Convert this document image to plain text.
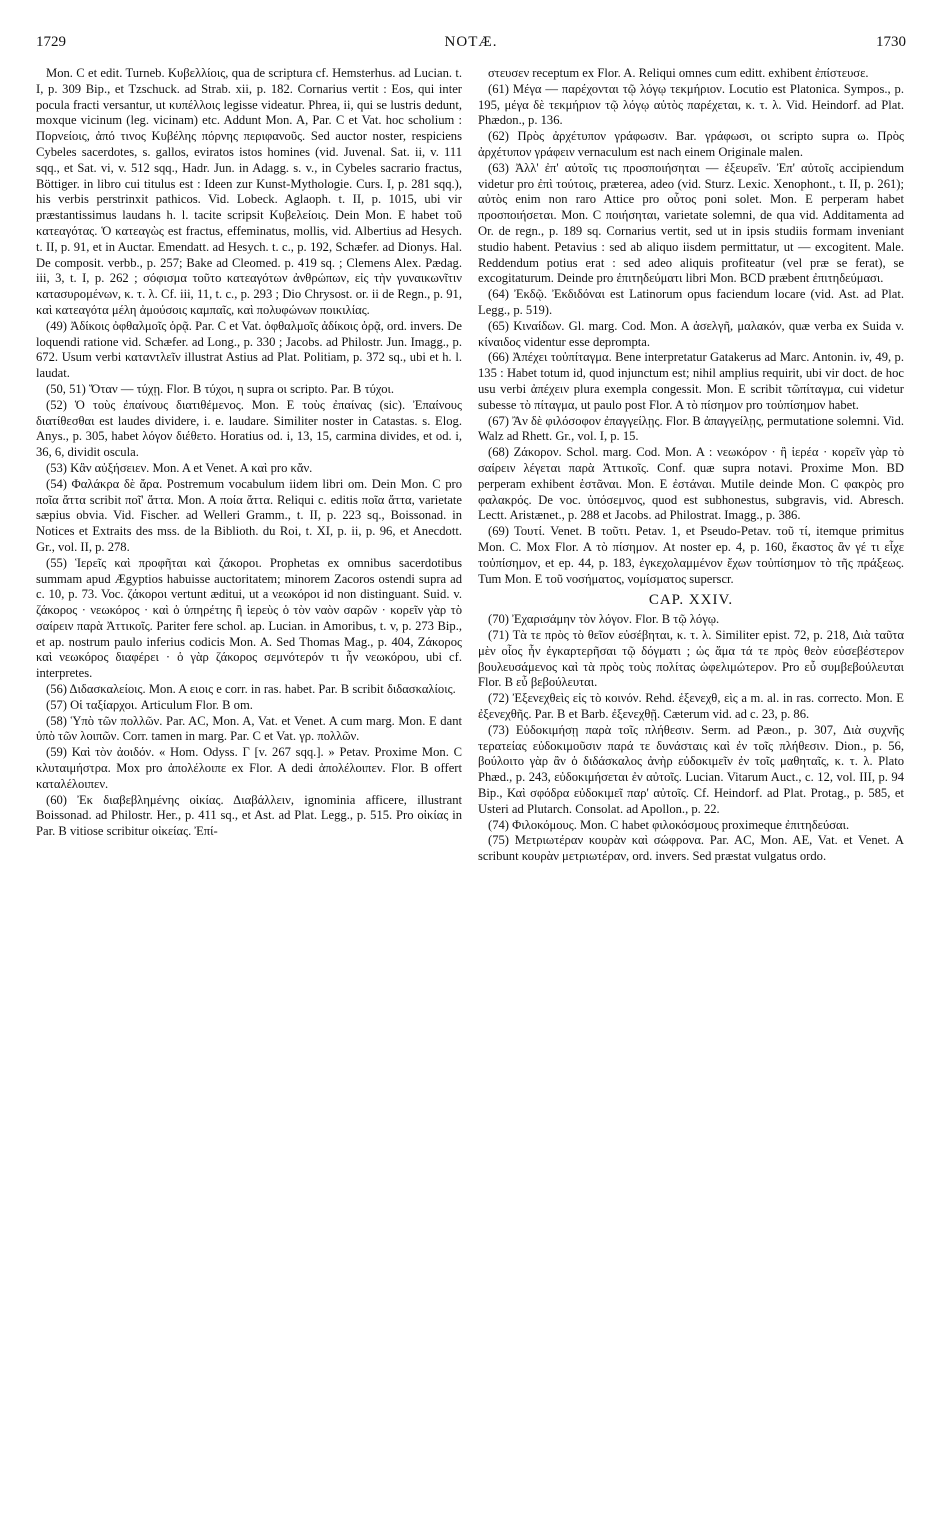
1729	NOTÆ.	1730

Mon. C et edit. Turneb. Κυβελλίοις, qua de scriptura cf. Hemsterhus. ad Lucian. t. I, p. 309 Bip., et Tzschuck. ad Strab. xii, p. 182. Cornarius vertit : Eos, qui inter pocula fracti versantur, ut κυπέλλοις legisse videatur. Phrea, ii, qui se lustris dedunt, moxque vicinum (leg. vicinam) etc. Addunt Mon. A, Par. C et Vat. hoc scholium : Πορνείοις, ἀπό τινος Κυβέλης πόρνης περιφανοῦς. Sed auctor noster, respiciens Cybeles sacerdotes, s. gallos, eviratos istos homines (vid. Juvenal. Sat. ii, v. 111 sqq., et Sat. vi, v. 512 sqq., Hadr. Jun. in Adagg. s. v., in Cybeles sacrario fractus, Böttiger. in libro cui titulus est : Ideen zur Kunst-Mythologie. Curs. I, p. 281 sqq.), his verbis perstrinxit pathicos. Vid. Lobeck. Aglaoph. t. II, p. 1015, ubi vir præstantissimus laudans h. l. tacite scripsit Κυβελείοις. Dein Mon. E habet τοῦ κατεαγότας. Ὁ κατεαγὼς est fractus, effeminatus, mollis, vid. Albertius ad Hesych. t. II, p. 91, et in Auctar. Emendatt. ad Hesych. t. c., p. 192, Schæfer. ad Dionys. Hal. De composit. verbb., p. 257; Bake ad Cleomed. p. 419 sq. ; Clemens Alex. Pædag. iii, 3, t. I, p. 262 ; σόφισμα τοῦτο κατεαγότων ἀνθρώπων, εἰς τὴν γυναικωνῖτιν κατασυρομένων, κ. τ. λ. Cf. iii, 11, t. c., p. 293 ; Dio Chrysost. or. ii de Regn., p. 91, καὶ κατεαγότα μέλη ἀμούσοις καμπαῖς, καὶ πολυφώνων ποικιλίας.

(49) Ἀδίκοις ὀφθαλμοῖς ὁρᾷ. Par. C et Vat. ὀφθαλμοῖς ἀδίκοις ὁρᾷ, ord. invers. De loquendi ratione vid. Schæfer. ad Long., p. 330 ; Jacobs. ad Philostr. Jun. Imagg., p. 672. Usum verbi καταντλεῖν illustrat Astius ad Plat. Politiam, p. 372 sq., ubi et h. l. laudat.

(50, 51) Ὅταν — τύχῃ. Flor. B τύχοι, η supra οι scripto. Par. B τύχοι.

(52) Ὁ τοὺς ἐπαίνους διατιθέμενος. Mon. E τοὺς ἐπαίνας (sic). Ἐπαίνους διατίθεσθαι est laudes dividere, i. e. laudare. Similiter noster in Catastas. s. Elog. Anys., p. 305, habet λόγον διέθετο. Horatius od. i, 13, 15, carmina divides, et od. i, 36, 6, dividit oscula.

(53) Κἂν αὐξήσειεν. Mon. A et Venet. A καὶ pro κἄν.

(54) Φαλάκρα δὲ ἄρα. Postremum vocabulum iidem libri om. Dein Mon. C pro ποῖα ἄττα scribit ποῖ' ἄττα. Mon. A ποία ἄττα. Reliqui c. editis ποῖα ἄττα, varietate sæpius obvia. Vid. Fischer. ad Welleri Gramm., t. II, p. 223 sq., Boissonad. in Notices et Extraits des mss. de la Biblioth. du Roi, t. XI, p. ii, p. 96, et Anecdott. Gr., vol. II, p. 278.

(55) Ἱερεῖς καὶ προφῆται καὶ ζάκοροι. Prophetas ex omnibus sacerdotibus summam apud Ægyptios habuisse auctoritatem; minorem Zacoros ostendi supra ad c. 10, p. 73. Voc. ζάκοροι vertunt æditui, ut a νεωκόροι id non distinguant. Suid. v. ζάκορος · νεωκόρος · καὶ ὁ ὑπηρέτης ἢ ἱερεὺς ὁ τὸν ναὸν σαρῶν · κορεῖν γὰρ τὸ σαίρειν παρὰ Ἀττικοῖς. Pariter fere schol. ap. Lucian. in Amoribus, t. v, p. 273 Bip., et ap. nostrum paulo inferius codicis Mon. A. Sed Thomas Mag., p. 404, Ζάκορος καὶ νεωκόρος διαφέρει · ὁ γὰρ ζάκορος σεμνότερόν τι ἦν νεωκόρου, ubi cf. interpretes.

(56) Διδασκαλείοις. Mon. A ειοις e corr. in ras. habet. Par. B scribit διδασκαλίοις.

(57) Οἱ ταξίαρχοι. Articulum Flor. B om.

(58) Ὑπὸ τῶν πολλῶν. Par. AC, Mon. A, Vat. et Venet. A cum marg. Mon. E dant ὑπὸ τῶν λοιπῶν. Corr. tamen in marg. Par. C et Vat. γρ. πολλῶν.

(59) Καὶ τὸν ἀοιδόν. « Hom. Odyss. Γ [v. 267 sqq.]. » Petav. Proxime Mon. C κλυταιμήστρα. Mox pro ἀπολέλοιπε ex Flor. A dedi ἀπολέλοιπεν. Flor. B offert καταλέλοιπεν.

(60) Ἐκ διαβεβλημένης οἰκίας. Διαβάλλειν, ignominia afficere, illustrant Boissonad. ad Philostr. Her., p. 411 sq., et Ast. ad Plat. Legg., p. 515. Pro οἰκίας in Par. B vitiose scribitur οἰκείας. Ἐπί-

στευσεν receptum ex Flor. A. Reliqui omnes cum editt. exhibent ἐπίστευσε.

(61) Μέγα — παρέχονται τῷ λόγῳ τεκμήριον. Locutio est Platonica. Sympos., p. 195, μέγα δὲ τεκμήριον τῷ λόγῳ αὐτὸς παρέχεται, κ. τ. λ. Vid. Heindorf. ad Plat. Phædon., p. 136.

(62) Πρὸς ἀρχέτυπον γράφωσιν. Bar. γράφωσι, οι scripto supra ω. Πρὸς ἀρχέτυπον γράφειν vernaculum est nach einem Originale malen.

(63) Ἀλλ' ἐπ' αὐτοῖς τις προσποιήσηται — ἐξευρεῖν. Ἐπ' αὐτοῖς accipiendum videtur pro ἐπὶ τούτοις, præterea, adeo (vid. Sturz. Lexic. Xenophont., t. II, p. 261); αὐτὸς enim non raro Attice pro οὗτος poni solet. Mon. E perperam habet προσποιήσεται. Mon. C ποιήσηται, varietate solemni, de qua vid. Additamenta ad Or. de regn., p. 189 sq. Cornarius vertit, sed ut in ipsis studiis formam inveniant studio habent. Petavius : sed ab aliquo iisdem permittatur, ut — excogitent. Male. Reddendum potius erat : sed adeo aliquis profiteatur (vel præ se ferat), se excogitaturum. Deinde pro ἐπιτηδεύματι libri Mon. BCD præbent ἐπιτηδεύμασι.

(64) Ἐκδῷ. Ἐκδιδόναι est Latinorum opus faciendum locare (vid. Ast. ad Plat. Legg., p. 519).

(65) Κιναίδων. Gl. marg. Cod. Mon. A ἀσελγῆ, μαλακόν, quæ verba ex Suida v. κίναιδος videntur esse deprompta.

(66) Ἀπέχει τοὐπίταγμα. Bene interpretatur Gatakerus ad Marc. Antonin. iv, 49, p. 135 : Habet totum id, quod injunctum est; nihil amplius requirit, ubi vir doct. de hoc usu verbi ἀπέχειν plura exempla congessit. Mon. E scribit τῶπίταγμα, cui videtur subesse τὸ πίταγμα, ut paulo post Flor. A τὸ πίσημον pro τοὐπίσημον habet.

(67) Ἂν δὲ φιλόσοφον ἐπαγγείλῃς. Flor. B ἀπαγγείλῃς, permutatione solemni. Vid. Walz ad Rhett. Gr., vol. I, p. 15.

(68) Ζάκορον. Schol. marg. Cod. Mon. A : νεωκόρον · ἢ ἱερέα · κορεῖν γὰρ τὸ σαίρειν λέγεται παρὰ Ἀττικοῖς. Conf. quæ supra notavi. Proxime Mon. BD perperam exhibent ἑστᾶναι. Mon. E ἐστάναι. Mutile deinde Mon. C φακρὸς pro φαλακρός. De voc. ὑπόσεμνος, quod est subhonestus, subgravis, vid. Abresch. Lectt. Aristænet., p. 288 et Jacobs. ad Philostrat. Imagg., p. 386.

(69) Τουτί. Venet. B τοῦτι. Petav. 1, et Pseudo-Petav. τοῦ τί, itemque primitus Mon. C. Mox Flor. A τὸ πίσημον. At noster ep. 4, p. 160, ἕκαστος ἂν γέ τι εἶχε τοὐπίσημον, et ep. 44, p. 183, ἐγκεχολαμμένον ἔχων τοὐπίσημον τὸ τῆς πράξεως. Tum Mon. E τοῦ νοσήματος, νομίσματος superscr.

CAP. XXIV.

(70) Ἐχαρισάμην τὸν λόγον. Flor. B τῷ λόγῳ.

(71) Τὰ τε πρὸς τὸ θεῖον εὐσέβηται, κ. τ. λ. Similiter epist. 72, p. 218, Διὰ ταῦτα μὲν οἷος ἦν ἐγκαρτερῆσαι τῷ δόγματι ; ὡς ἅμα τά τε πρὸς θεὸν εὐσεβέστερον βουλευσάμενος καὶ τὰ πρὸς τοὺς πολίτας ὠφελιμώτερον. Pro εὖ συμβεβούλευται Flor. B εὖ βεβούλευται.

(72) Ἐξενεχθεὶς εἰς τὸ κοινόν. Rehd. ἐξενεχθ, εὶς a m. al. in ras. correcto. Mon. E ἐξενεχθῆς. Par. B et Barb. ἐξενεχθῇ. Cæterum vid. ad c. 23, p. 86.

(73) Εὐδοκιμήσῃ παρὰ τοῖς πλήθεσιν. Serm. ad Pæon., p. 307, Διὰ συχνῆς τερατείας εὐδοκιμοῦσιν παρά τε δυνάσταις καὶ ἐν τοῖς πλήθεσιν. Dion., p. 56, βούλοιτο γὰρ ἂν ὁ διδάσκαλος ἀνὴρ εὐδοκιμεῖν ἐν τοῖς μαθηταῖς, κ. τ. λ. Plato Phæd., p. 243, εὐδοκιμήσεται ἐν αὐτοῖς. Lucian. Vitarum Auct., c. 12, vol. III, p. 94 Bip., Καὶ σφόδρα εὐδοκιμεῖ παρ' αὐτοῖς. Cf. Heindorf. ad Plat. Protag., p. 585, et Usteri ad Plutarch. Consolat. ad Apollon., p. 22.

(74) Φιλοκόμους. Mon. C habet φιλοκόσμους proximeque ἐπιτηδεύσαι.

(75) Μετριωτέραν κουρὰν καὶ σώφρονα. Par. AC, Mon. AE, Vat. et Venet. A scribunt κουρὰν μετριωτέραν, ord. invers. Sed præstat vulgatus ordo.
